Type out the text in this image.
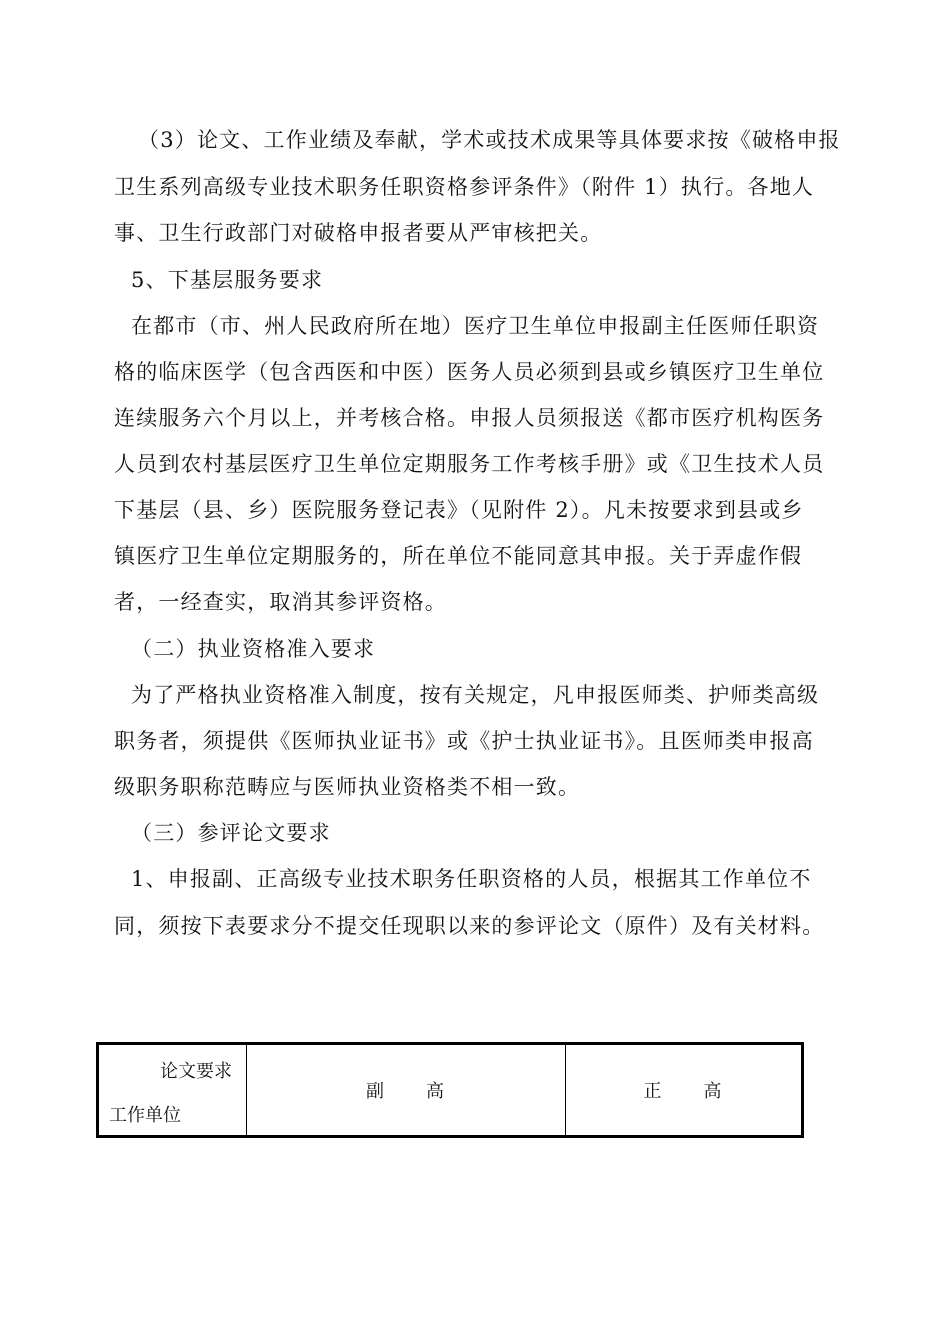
（3）论文、工作业绩及奉献，学术或技术成果等具体要求按《破格申报
卫生系列高级专业技术职务任职资格参评条件》（附件 1）执行。各地人
事、卫生行政部门对破格申报者要从严审核把关。
5、下基层服务要求
在都市（市、州人民政府所在地）医疗卫生单位申报副主任医师任职资
格的临床医学（包含西医和中医）医务人员必须到县或乡镇医疗卫生单位
连续服务六个月以上，并考核合格。申报人员须报送《都市医疗机构医务
人员到农村基层医疗卫生单位定期服务工作考核手册》或《卫生技术人员
下基层（县、乡）医院服务登记表》（见附件 2）。凡未按要求到县或乡
镇医疗卫生单位定期服务的，所在单位不能同意其申报。关于弄虚作假
者，一经查实，取消其参评资格。
（二）执业资格准入要求
为了严格执业资格准入制度，按有关规定，凡申报医师类、护师类高级
职务者，须提供《医师执业证书》或《护士执业证书》。且医师类申报高
级职务职称范畴应与医师执业资格类不相一致。
（三）参评论文要求
1、申报副、正高级专业技术职务任职资格的人员，根据其工作单位不
同，须按下表要求分不提交任现职以来的参评论文（原件）及有关材料。
论文要求
工作单位
	副　　高	正　　高
